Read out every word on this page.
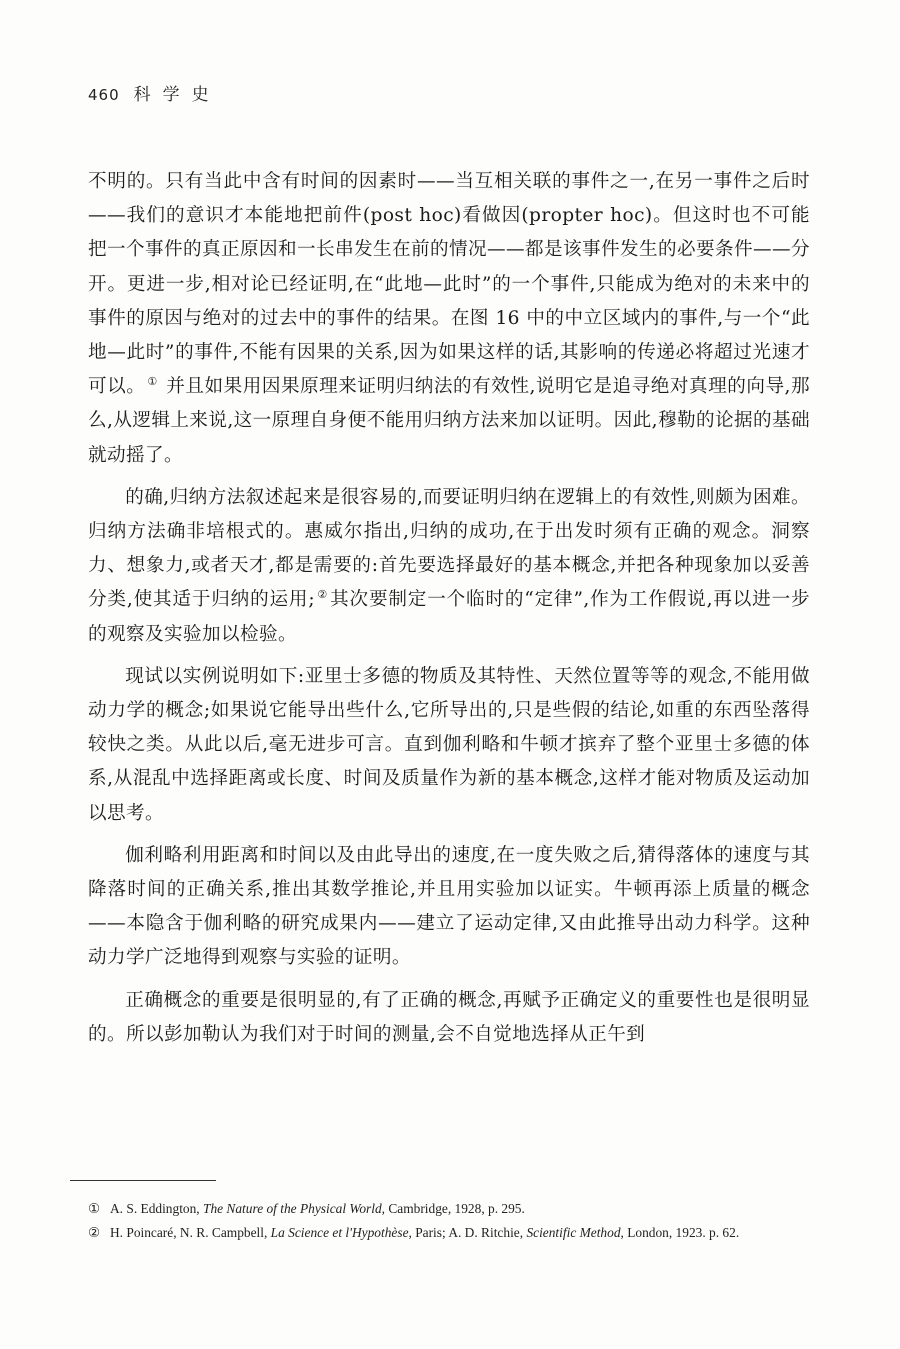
460 科学史

不明的。只有当此中含有时间的因素时——当互相关联的事件之一,在另一事件之后时——我们的意识才本能地把前件(post hoc)看做因(propter hoc)。但这时也不可能把一个事件的真正原因和一长串发生在前的情况——都是该事件发生的必要条件——分开。更进一步,相对论已经证明,在“此地—此时”的一个事件,只能成为绝对的未来中的事件的原因与绝对的过去中的事件的结果。在图 16 中的中立区域内的事件,与一个“此地—此时”的事件,不能有因果的关系,因为如果这样的话,其影响的传递必将超过光速才可以。 ① 并且如果用因果原理来证明归纳法的有效性,说明它是追寻绝对真理的向导,那么,从逻辑上来说,这一原理自身便不能用归纳方法来加以证明。因此,穆勒的论据的基础就动摇了。

的确,归纳方法叙述起来是很容易的,而要证明归纳在逻辑上的有效性,则颇为困难。归纳方法确非培根式的。惠威尔指出,归纳的成功,在于出发时须有正确的观念。洞察力、想象力,或者天才,都是需要的:首先要选择最好的基本概念,并把各种现象加以妥善分类,使其适于归纳的运用; ② 其次要制定一个临时的“定律”,作为工作假说,再以进一步的观察及实验加以检验。

现试以实例说明如下:亚里士多德的物质及其特性、天然位置等等的观念,不能用做动力学的概念;如果说它能导出些什么,它所导出的,只是些假的结论,如重的东西坠落得较快之类。从此以后,毫无进步可言。直到伽利略和牛顿才摈弃了整个亚里士多德的体系,从混乱中选择距离或长度、时间及质量作为新的基本概念,这样才能对物质及运动加以思考。

伽利略利用距离和时间以及由此导出的速度,在一度失败之后,猜得落体的速度与其降落时间的正确关系,推出其数学推论,并且用实验加以证实。牛顿再添上质量的概念——本隐含于伽利略的研究成果内——建立了运动定律,又由此推导出动力科学。这种动力学广泛地得到观察与实验的证明。

正确概念的重要是很明显的,有了正确的概念,再赋予正确定义的重要性也是很明显的。所以彭加勒认为我们对于时间的测量,会不自觉地选择从正午到

① A. S. Eddington, The Nature of the Physical World, Cambridge, 1928, p. 295.
② H. Poincaré, N. R. Campbell, La Science et l'Hypothèse, Paris; A. D. Ritchie, Scientific Method, London, 1923. p. 62.
